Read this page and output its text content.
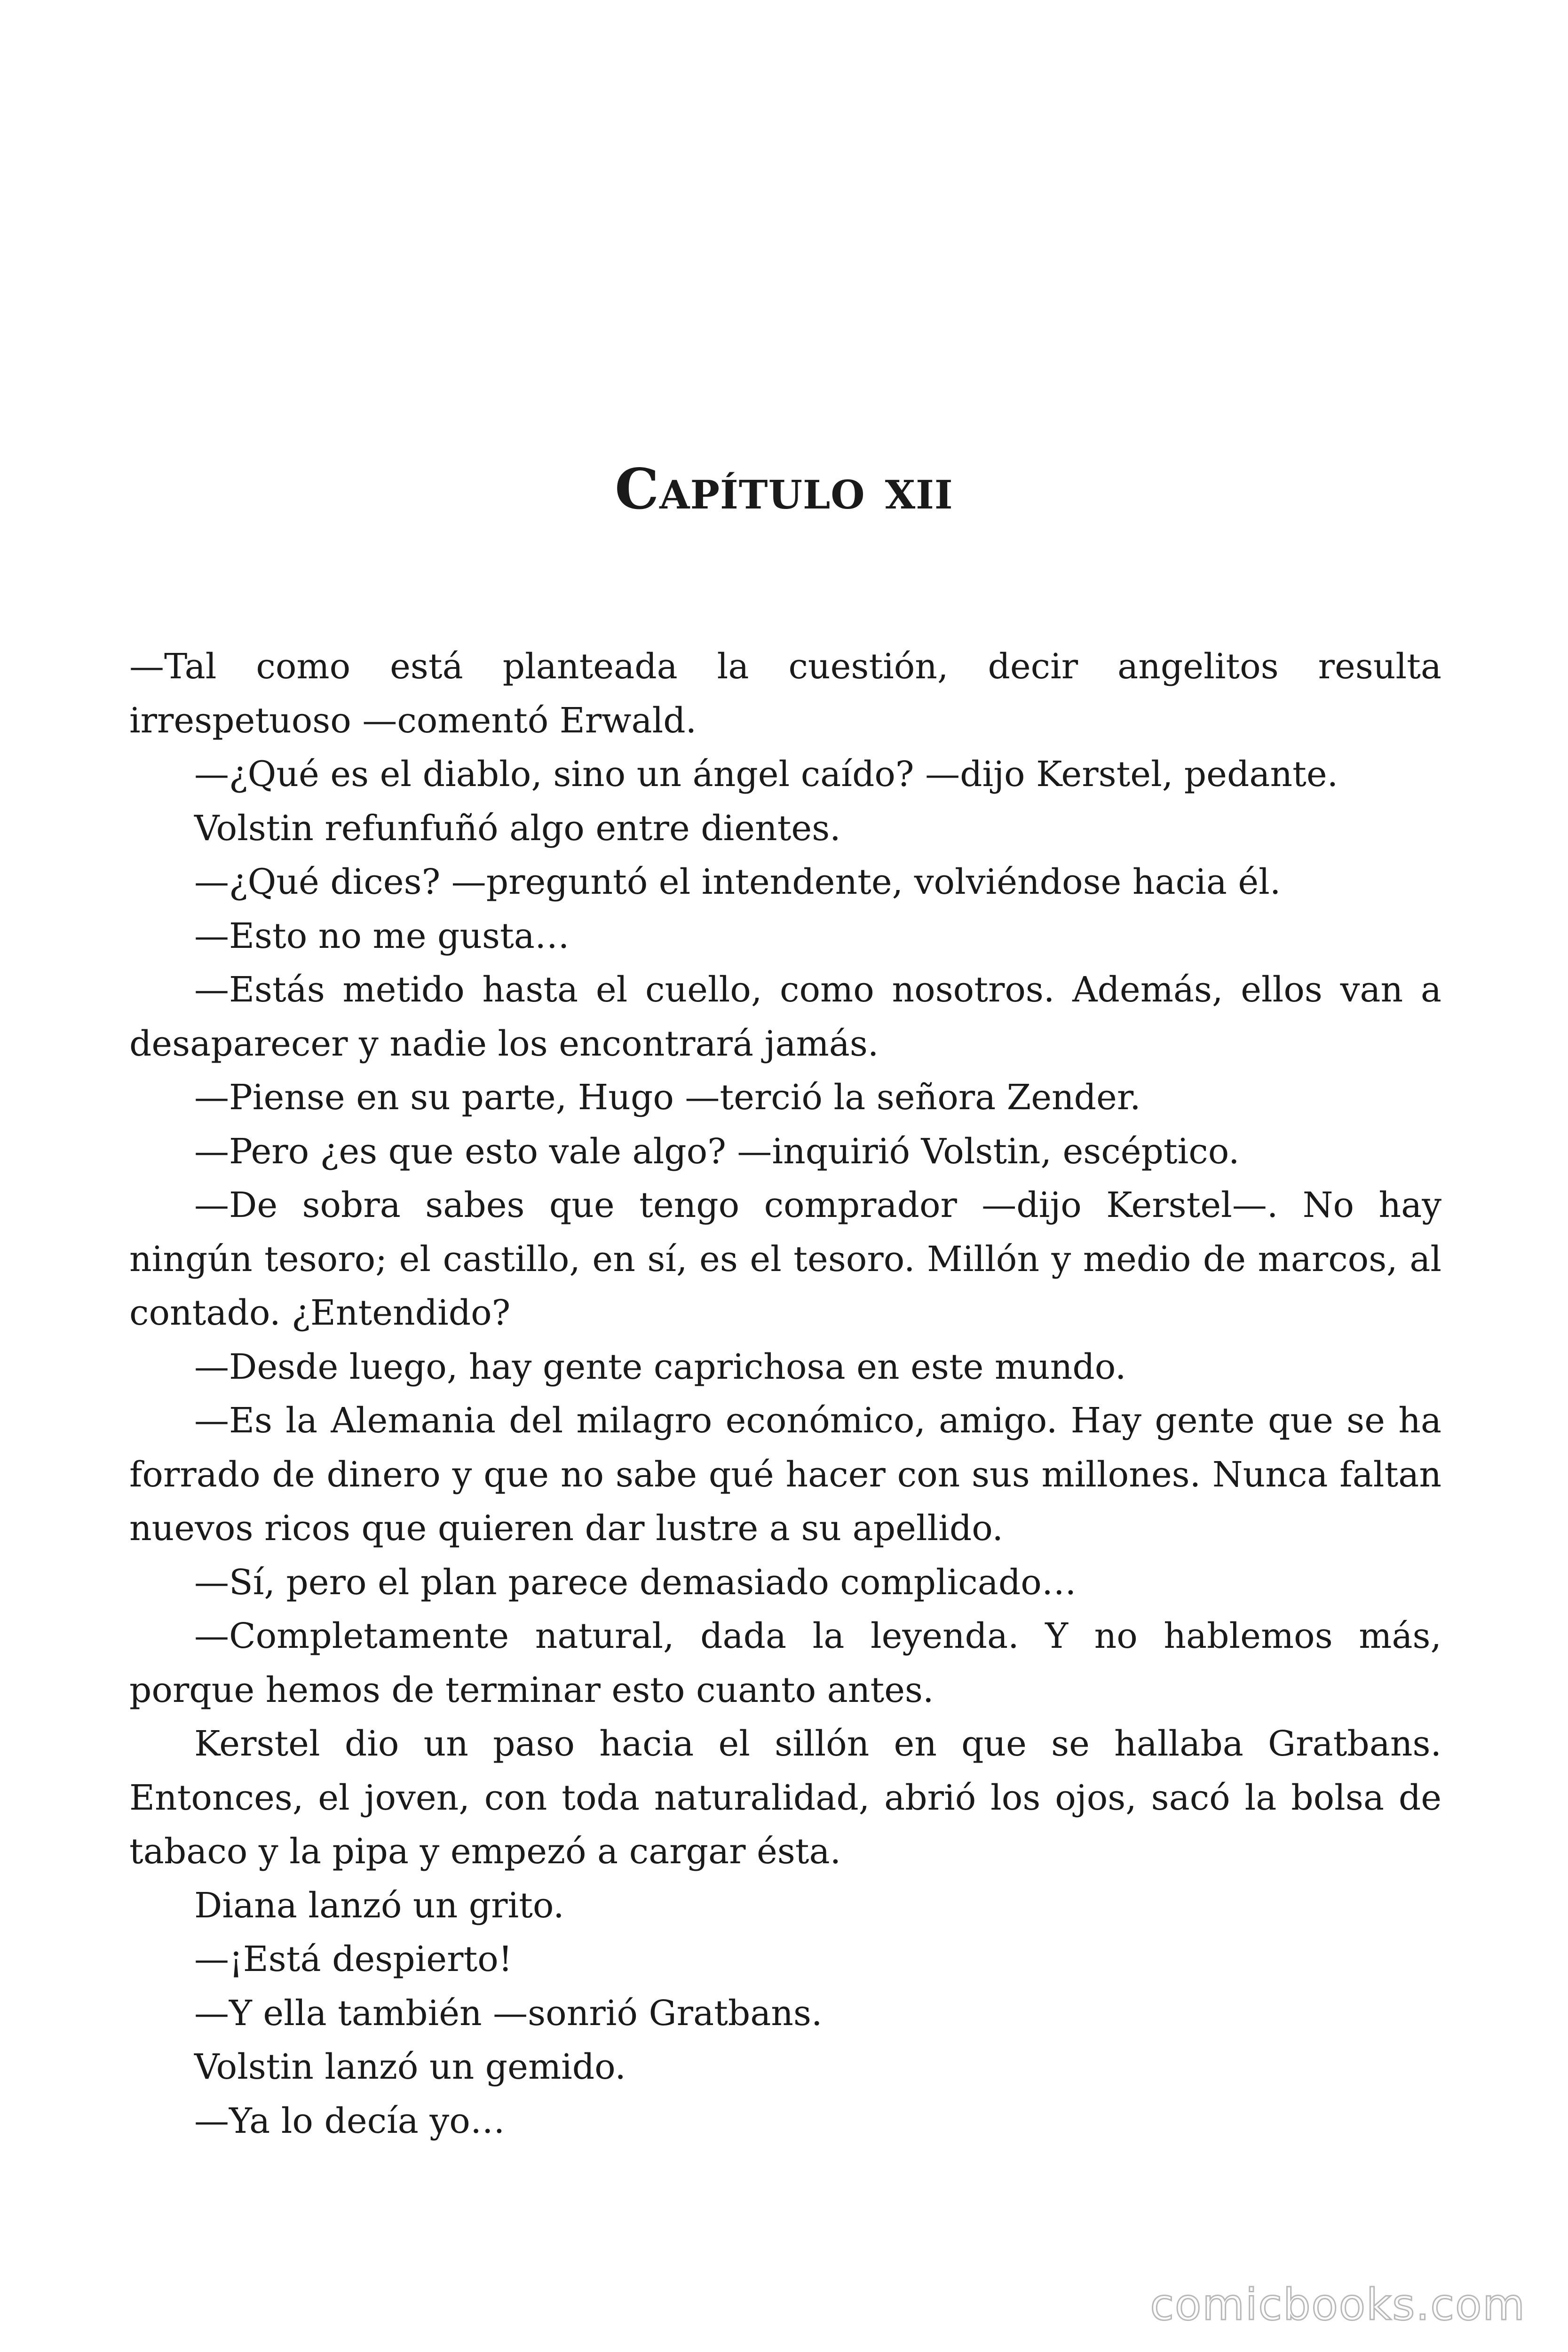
Capítulo xii

—Tal como está planteada la cuestión, decir angelitos resulta irrespetuoso —comentó Erwald.

—¿Qué es el diablo, sino un ángel caído? —dijo Kerstel, pedante.

Volstin refunfuñó algo entre dientes.

—¿Qué dices? —preguntó el intendente, volviéndose hacia él.

—Esto no me gusta…

—Estás metido hasta el cuello, como nosotros. Además, ellos van a desaparecer y nadie los encontrará jamás.

—Piense en su parte, Hugo —terció la señora Zender.

—Pero ¿es que esto vale algo? —inquirió Volstin, escéptico.

—De sobra sabes que tengo comprador —dijo Kerstel—. No hay ningún tesoro; el castillo, en sí, es el tesoro. Millón y medio de marcos, al contado. ¿Entendido?

—Desde luego, hay gente caprichosa en este mundo.

—Es la Alemania del milagro económico, amigo. Hay gente que se ha forrado de dinero y que no sabe qué hacer con sus millones. Nunca faltan nuevos ricos que quieren dar lustre a su apellido.

—Sí, pero el plan parece demasiado complicado…

—Completamente natural, dada la leyenda. Y no hablemos más, porque hemos de terminar esto cuanto antes.

Kerstel dio un paso hacia el sillón en que se hallaba Gratbans. Entonces, el joven, con toda naturalidad, abrió los ojos, sacó la bolsa de tabaco y la pipa y empezó a cargar ésta.

Diana lanzó un grito.

—¡Está despierto!

—Y ella también —sonrió Gratbans.

Volstin lanzó un gemido.

—Ya lo decía yo…

comicbooks.com
